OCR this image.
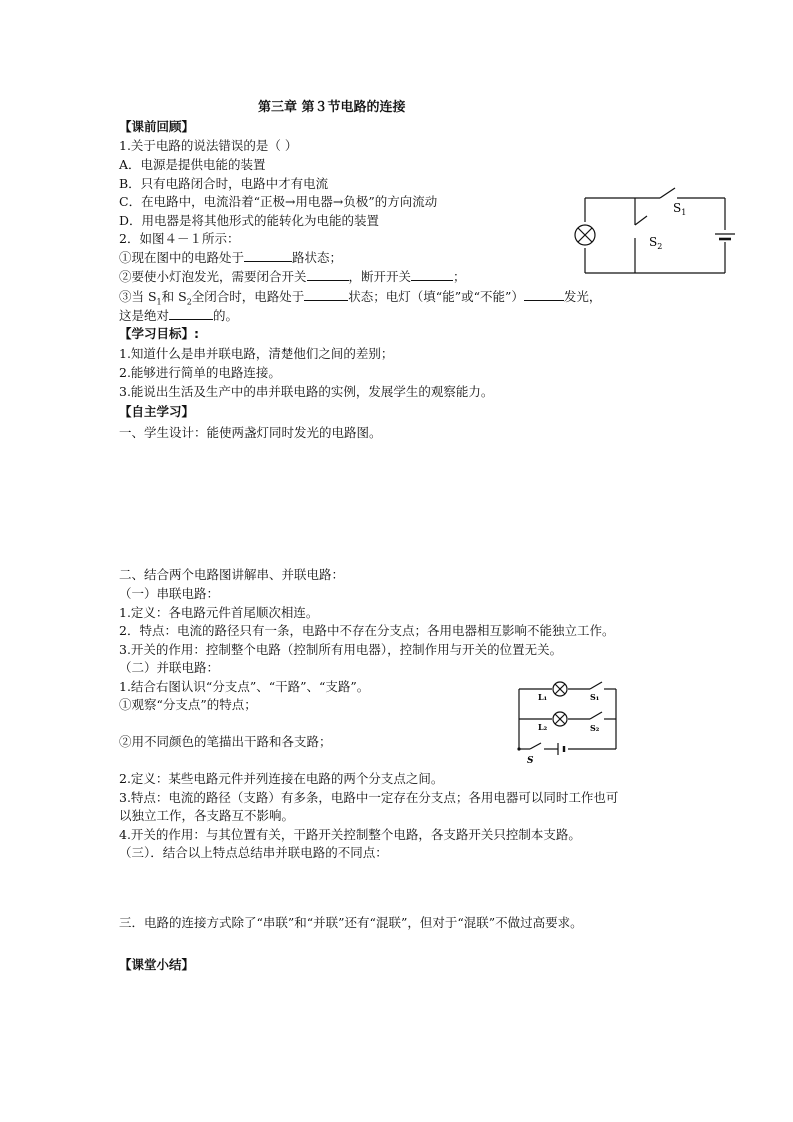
第三章 第３节电路的连接
【课前回顾】
1.关于电路的说法错误的是（ ）
A．电源是提供电能的装置
B．只有电路闭合时，电路中才有电流
C．在电路中，电流沿着“正极→用电器→负极”的方向流动
D．用电器是将其他形式的能转化为电能的装置
2．如图４－１所示：
①现在图中的电路处于	路状态；
②要使小灯泡发光，需要闭合开关	，断开开关	；
③当 $S_1$和 $S_2$全闭合时，电路处于	状态；电灯（填“能”或“不能”）	发光，
这是绝对	的。
【学习目标】:
1.知道什么是串并联电路，清楚他们之间的差别；
2.能够进行简单的电路连接。
3.能说出生活及生产中的串并联电路的实例，发展学生的观察能力。
【自主学习】
一、学生设计：能使两盏灯同时发光的电路图。
二、结合两个电路图讲解串、并联电路：
（一）串联电路：
1.定义：各电路元件首尾顺次相连。
2．特点：电流的路径只有一条，电路中不存在分支点；各用电器相互影响不能独立工作。
3.开关的作用：控制整个电路（控制所有用电器），控制作用与开关的位置无关。
（二）并联电路：
1.结合右图认识“分支点”、“干路”、“支路”。
①观察“分支点”的特点；
②用不同颜色的笔描出干路和各支路；
2.定义：某些电路元件并列连接在电路的两个分支点之间。
3.特点：电流的路径（支路）有多条，电路中一定存在分支点；各用电器可以同时工作也可
以独立工作，各支路互不影响。
4.开关的作用：与其位置有关，干路开关控制整个电路，各支路开关只控制本支路。
（三）．结合以上特点总结串并联电路的不同点：
三．电路的连接方式除了“串联”和“并联”还有“混联”，但对于“混联”不做过高要求。
【课堂小结】
$S_1$
$S_2$
L₁
L₂
S₁
S₂
S
